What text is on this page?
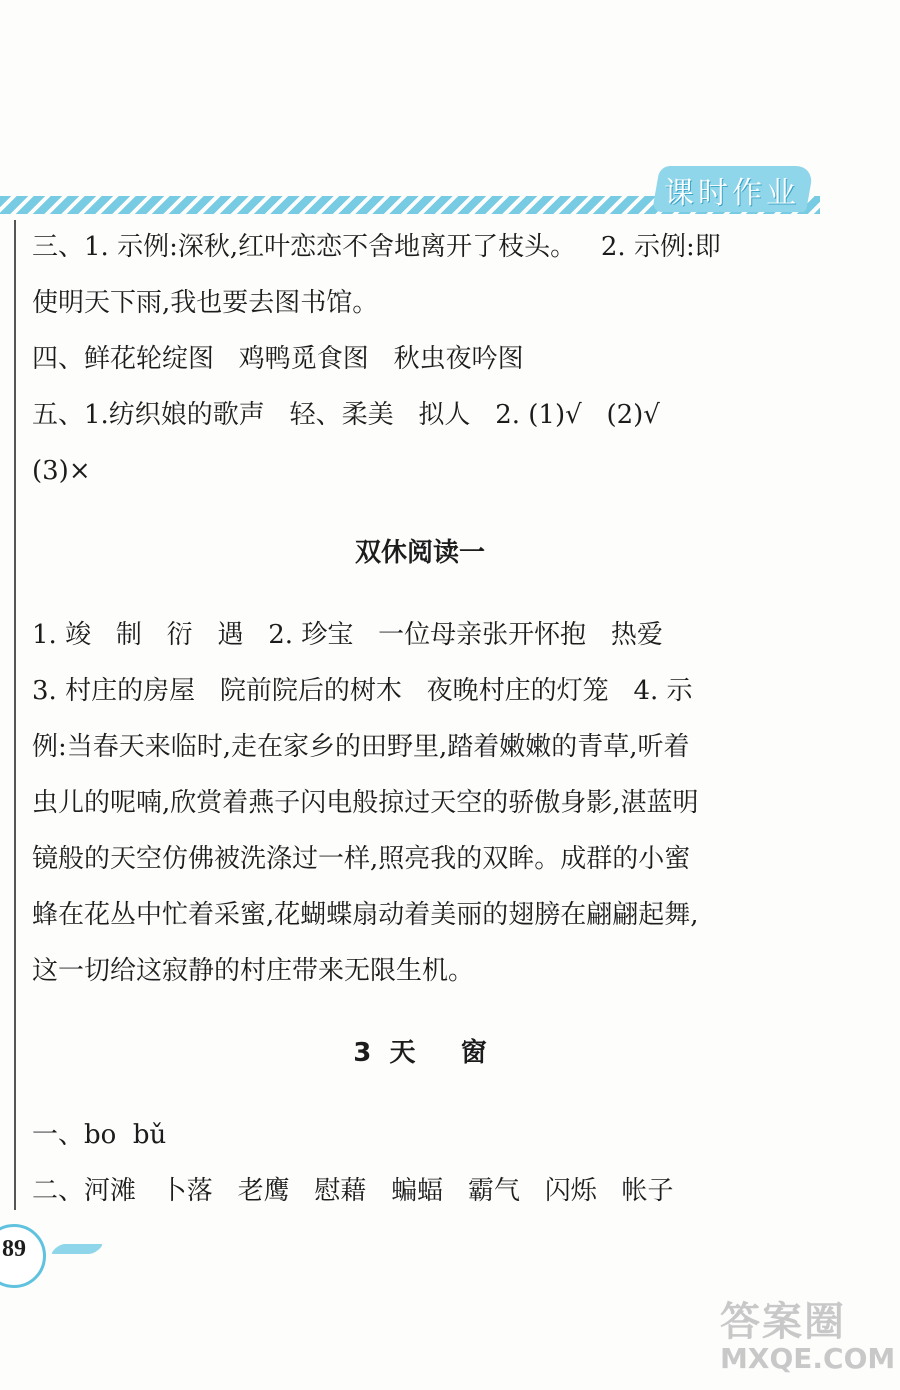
课时作业
三、1. 示例:深秋,红叶恋恋不舍地离开了枝头。   2. 示例:即
使明天下雨,我也要去图书馆。
四、鲜花轮绽图   鸡鸭觅食图   秋虫夜吟图
五、1.纺织娘的歌声   轻、柔美   拟人   2. (1)√   (2)√
(3)×
双休阅读一
1. 竣   制   衍   遇   2. 珍宝   一位母亲张开怀抱   热爱
3. 村庄的房屋   院前院后的树木   夜晚村庄的灯笼   4. 示
例:当春天来临时,走在家乡的田野里,踏着嫩嫩的青草,听着
虫儿的呢喃,欣赏着燕子闪电般掠过天空的骄傲身影,湛蓝明
镜般的天空仿佛被洗涤过一样,照亮我的双眸。成群的小蜜
蜂在花丛中忙着采蜜,花蝴蝶扇动着美丽的翅膀在翩翩起舞,
这一切给这寂静的村庄带来无限生机。
3  天     窗
一、bo  bǔ
二、河滩   卜落   老鹰   慰藉   蝙蝠   霸气   闪烁   帐子
89
答案圈
MXQE.COM
